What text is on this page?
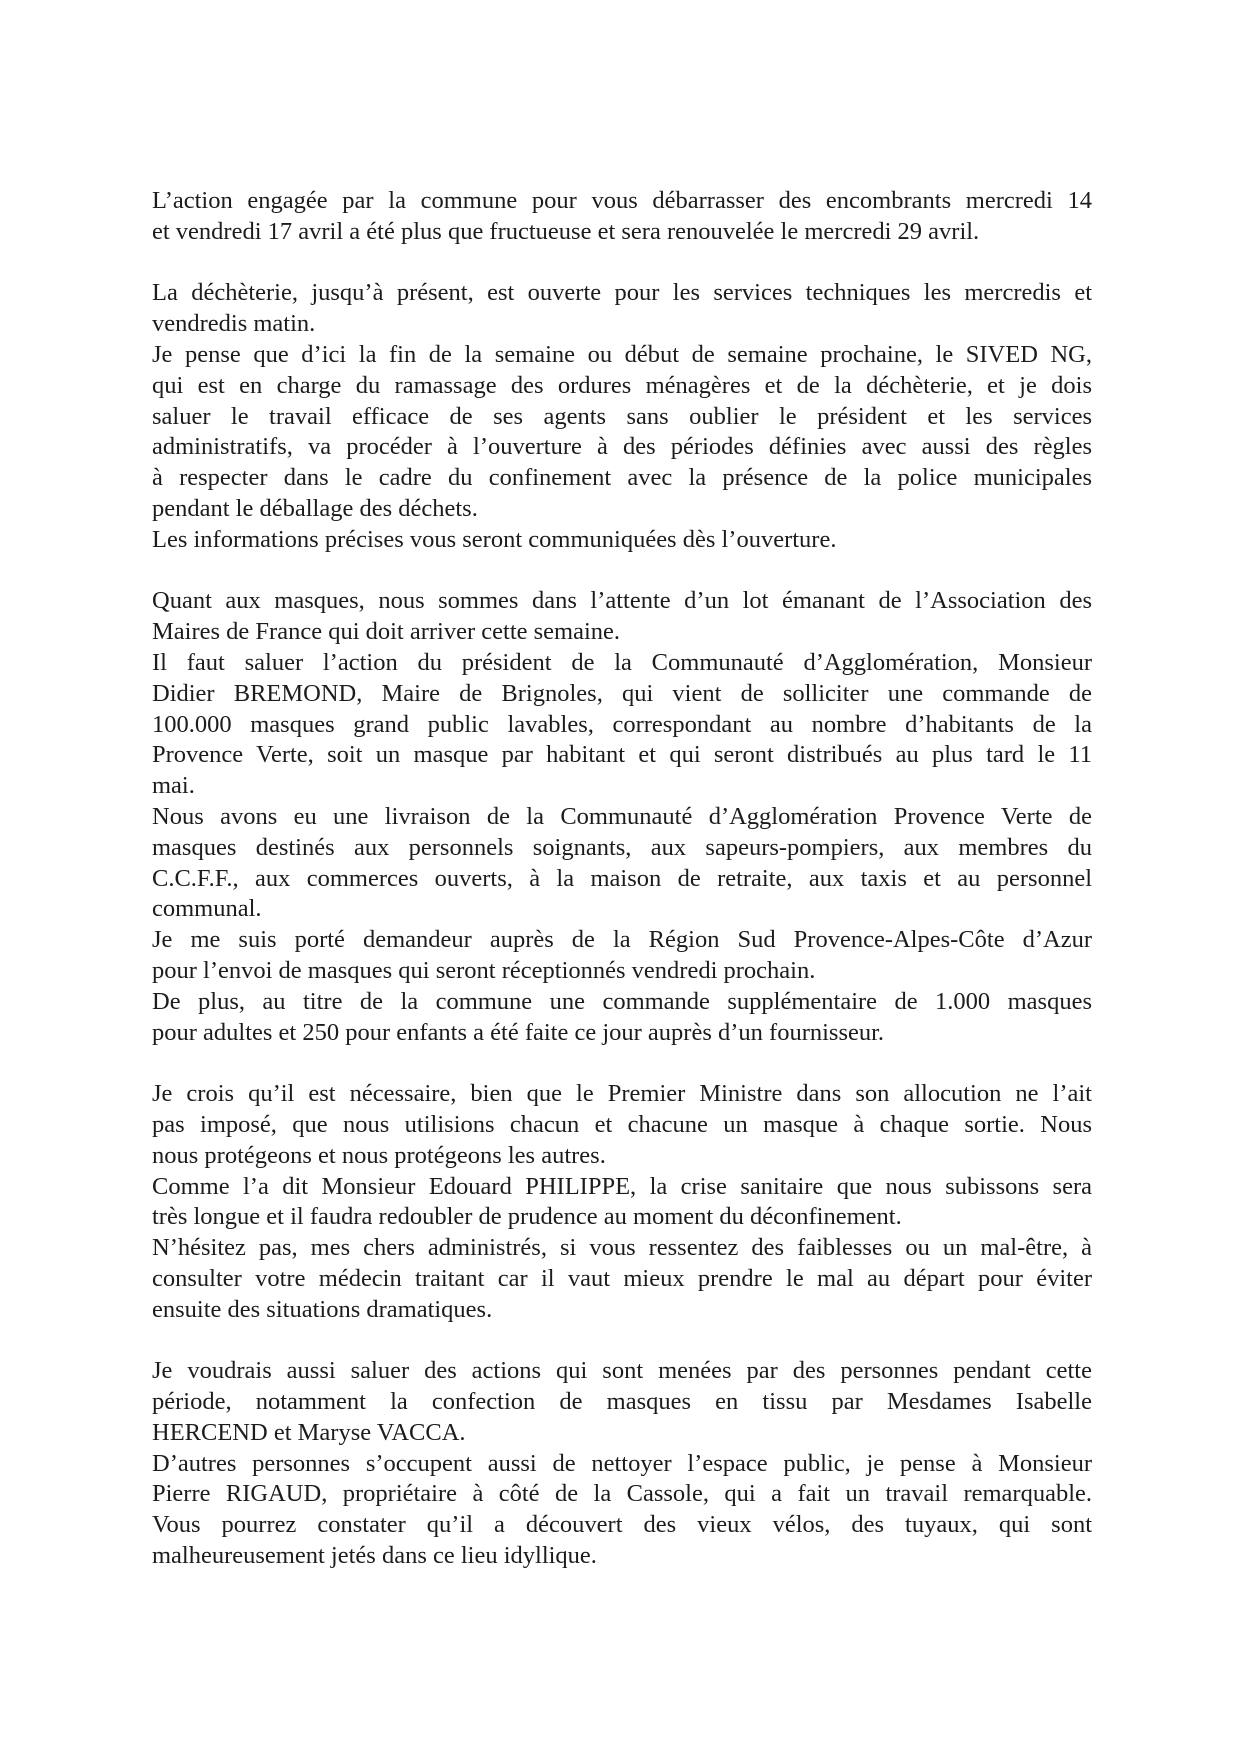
L’action engagée par la commune pour vous débarrasser des encombrants mercredi 14
et vendredi 17 avril a été plus que fructueuse et sera renouvelée le mercredi 29 avril.

La déchèterie, jusqu’à présent, est ouverte pour les services techniques les mercredis et
vendredis matin.

Je pense que d’ici la fin de la semaine ou début de semaine prochaine, le SIVED NG,
qui est en charge du ramassage des ordures ménagères et de la déchèterie, et je dois
saluer le travail efficace de ses agents sans oublier le président et les services
administratifs, va procéder à l’ouverture à des périodes définies avec aussi des règles
à respecter dans le cadre du confinement avec la présence de la police municipales
pendant le déballage des déchets.

Les informations précises vous seront communiquées dès l’ouverture.

Quant aux masques, nous sommes dans l’attente d’un lot émanant de l’Association des
Maires de France qui doit arriver cette semaine.

Il faut saluer l’action du président de la Communauté d’Agglomération, Monsieur
Didier BREMOND, Maire de Brignoles, qui vient de solliciter une commande de
100.000 masques grand public lavables, correspondant au nombre d’habitants de la
Provence Verte, soit un masque par habitant et qui seront distribués au plus tard le 11
mai.

Nous avons eu une livraison de la Communauté d’Agglomération Provence Verte de
masques destinés aux personnels soignants, aux sapeurs-pompiers, aux membres du
C.C.F.F., aux commerces ouverts, à la maison de retraite, aux taxis et au personnel
communal.

Je me suis porté demandeur auprès de la Région Sud Provence-Alpes-Côte d’Azur
pour l’envoi de masques qui seront réceptionnés vendredi prochain.

De plus, au titre de la commune une commande supplémentaire de 1.000 masques
pour adultes et 250 pour enfants a été faite ce jour auprès d’un fournisseur.

Je crois qu’il est nécessaire, bien que le Premier Ministre dans son allocution ne l’ait
pas imposé, que nous utilisions chacun et chacune un masque à chaque sortie. Nous
nous protégeons et nous protégeons les autres.

Comme l’a dit Monsieur Edouard PHILIPPE, la crise sanitaire que nous subissons sera
très longue et il faudra redoubler de prudence au moment du déconfinement.

N’hésitez pas, mes chers administrés, si vous ressentez des faiblesses ou un mal-être, à
consulter votre médecin traitant car il vaut mieux prendre le mal au départ pour éviter
ensuite des situations dramatiques.

Je voudrais aussi saluer des actions qui sont menées par des personnes pendant cette
période, notamment la confection de masques en tissu par Mesdames Isabelle
HERCEND et Maryse VACCA.

D’autres personnes s’occupent aussi de nettoyer l’espace public, je pense à Monsieur
Pierre RIGAUD, propriétaire à côté de la Cassole, qui a fait un travail remarquable.
Vous pourrez constater qu’il a découvert des vieux vélos, des tuyaux, qui sont
malheureusement jetés dans ce lieu idyllique.
